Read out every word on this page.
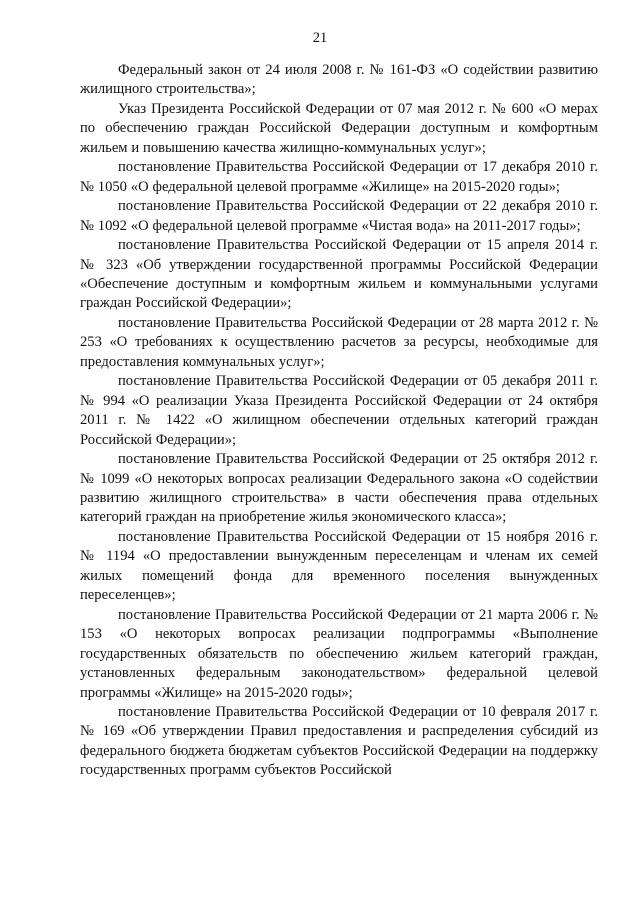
21

Федеральный закон от 24 июля 2008 г. № 161-ФЗ «О содействии развитию жилищного строительства»;

Указ Президента Российской Федерации от 07 мая 2012 г. № 600 «О мерах по обеспечению граждан Российской Федерации доступным и комфортным жильем и повышению качества жилищно-коммунальных услуг»;

постановление Правительства Российской Федерации от 17 декабря 2010 г. № 1050 «О федеральной целевой программе «Жилище» на 2015-2020 годы»;

постановление Правительства Российской Федерации от 22 декабря 2010 г. № 1092 «О федеральной целевой программе «Чистая вода» на 2011-2017 годы»;

постановление Правительства Российской Федерации от 15 апреля 2014 г. № 323 «Об утверждении государственной программы Российской Федерации «Обеспечение доступным и комфортным жильем и коммунальными услугами граждан Российской Федерации»;

постановление Правительства Российской Федерации от 28 марта 2012 г. № 253 «О требованиях к осуществлению расчетов за ресурсы, необходимые для предоставления коммунальных услуг»;

постановление Правительства Российской Федерации от 05 декабря 2011 г. № 994 «О реализации Указа Президента Российской Федерации от 24 октября 2011 г. № 1422 «О жилищном обеспечении отдельных категорий граждан Российской Федерации»;

постановление Правительства Российской Федерации от 25 октября 2012 г. № 1099 «О некоторых вопросах реализации Федерального закона «О содействии развитию жилищного строительства» в части обеспечения права отдельных категорий граждан на приобретение жилья экономического класса»;

постановление Правительства Российской Федерации от 15 ноября 2016 г. № 1194 «О предоставлении вынужденным переселенцам и членам их семей жилых помещений фонда для временного поселения вынужденных переселенцев»;

постановление Правительства Российской Федерации от 21 марта 2006 г. № 153 «О некоторых вопросах реализации подпрограммы «Выполнение государственных обязательств по обеспечению жильем категорий граждан, установленных федеральным законодательством» федеральной целевой программы «Жилище» на 2015-2020 годы»;

постановление Правительства Российской Федерации от 10 февраля 2017 г. № 169 «Об утверждении Правил предоставления и распределения субсидий из федерального бюджета бюджетам субъектов Российской Федерации на поддержку государственных программ субъектов Российской
